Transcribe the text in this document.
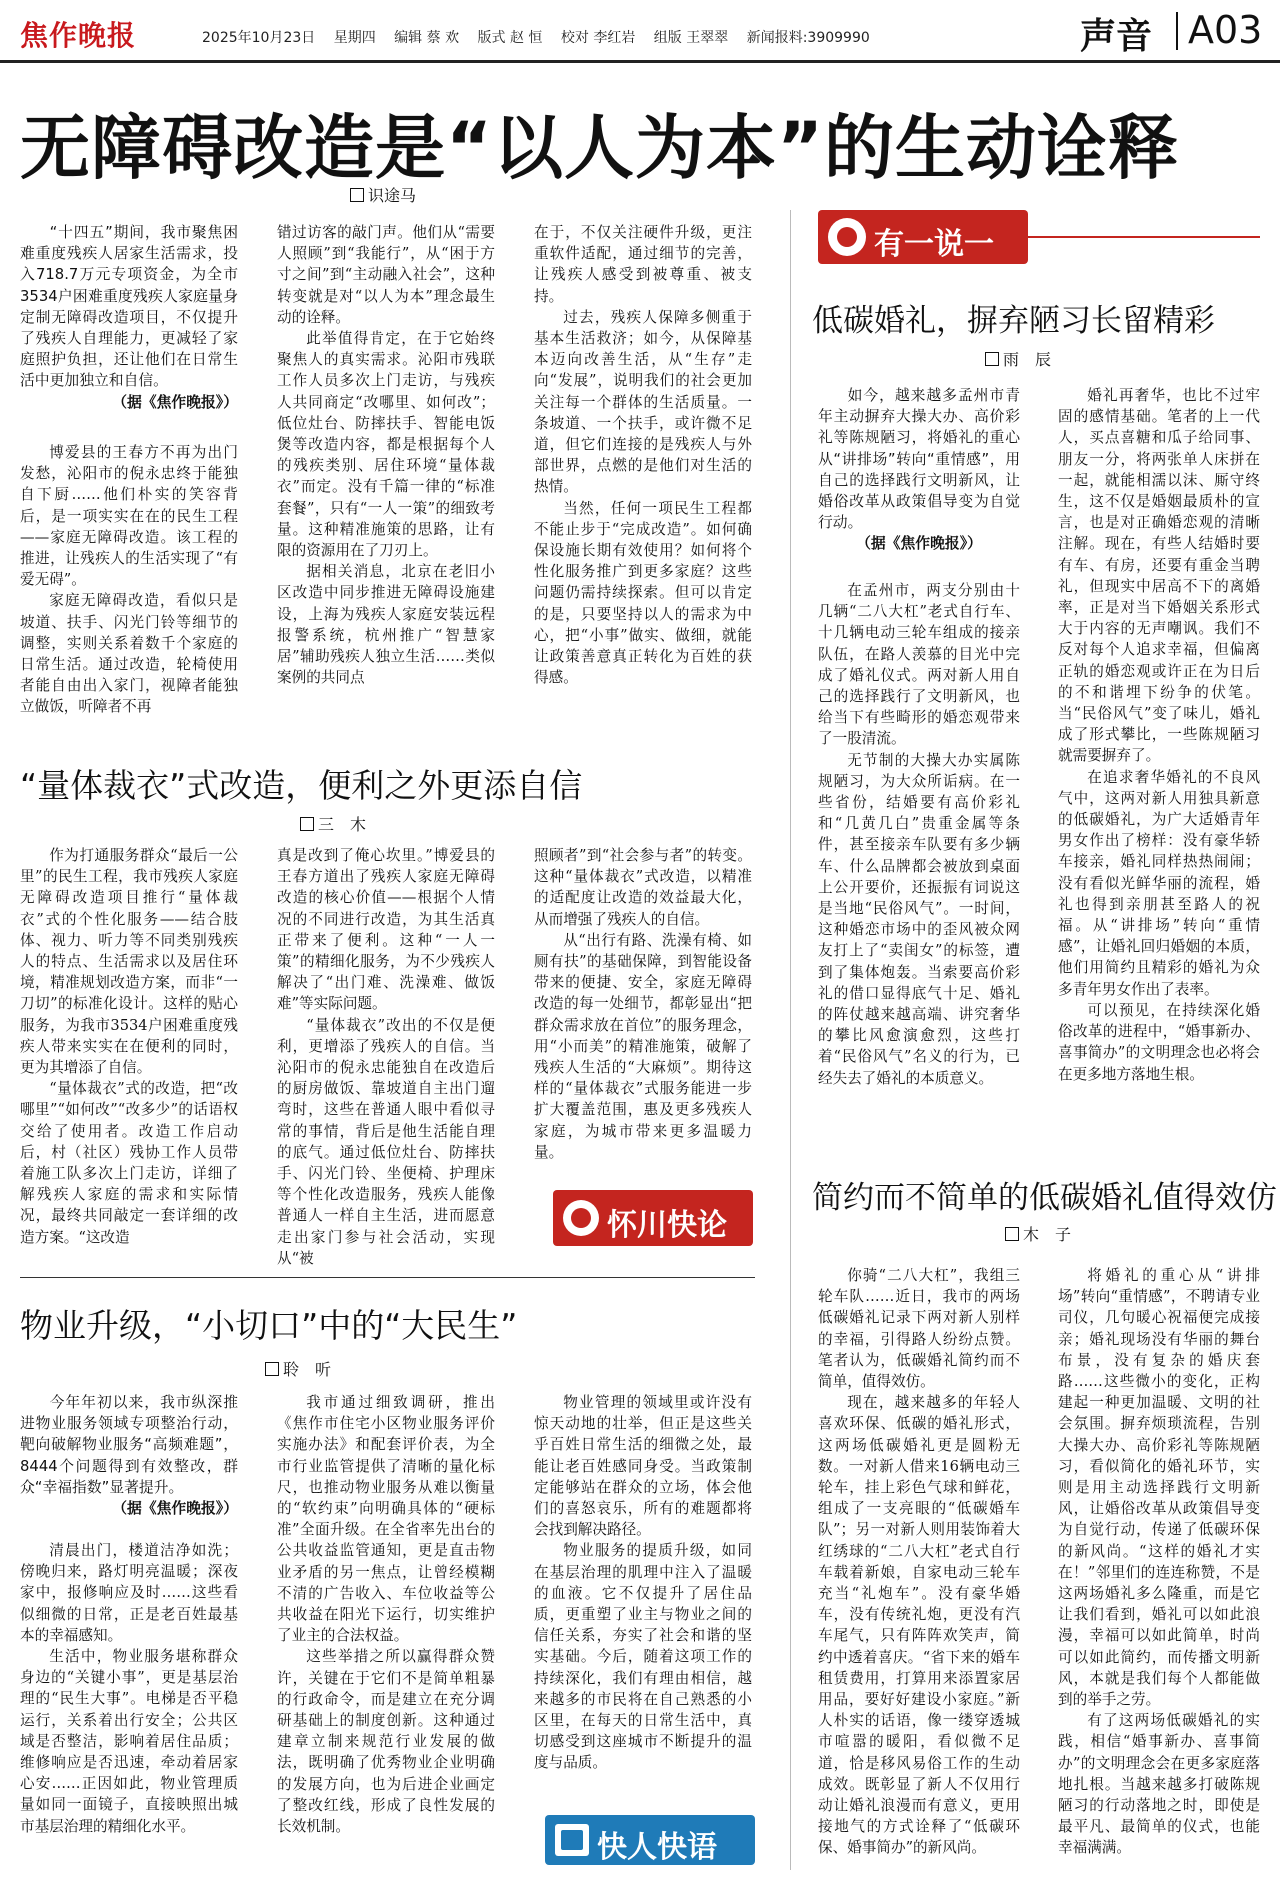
焦作晚报	2025年10月23日 星期四 编辑 蔡 欢 版式 赵 恒 校对 李红岩 组版 王翠翠 新闻报料:3909990	声音 A03
无障碍改造是“以人为本”的生动诠释
识途马

“十四五”期间，我市聚焦困难重度残疾人居家生活需求，投入718.7万元专项资金，为全市3534户困难重度残疾人家庭量身定制无障碍改造项目，不仅提升了残疾人自理能力，更减轻了家庭照护负担，还让他们在日常生活中更加独立和自信。

（据《焦作晚报》）

博爱县的王春方不再为出门发愁，沁阳市的倪永忠终于能独自下厨……他们朴实的笑容背后，是一项实实在在的民生工程——家庭无障碍改造。该工程的推进，让残疾人的生活实现了“有爱无碍”。

家庭无障碍改造，看似只是坡道、扶手、闪光门铃等细节的调整，实则关系着数千个家庭的日常生活。通过改造，轮椅使用者能自由出入家门，视障者能独立做饭，听障者不再

错过访客的敲门声。他们从“需要人照顾”到“我能行”，从“困于方寸之间”到“主动融入社会”，这种转变就是对“以人为本”理念最生动的诠释。

此举值得肯定，在于它始终聚焦人的真实需求。沁阳市残联工作人员多次上门走访，与残疾人共同商定“改哪里、如何改”；低位灶台、防摔扶手、智能电饭煲等改造内容，都是根据每个人的残疾类别、居住环境“量体裁衣”而定。没有千篇一律的“标准套餐”，只有“一人一策”的细致考量。这种精准施策的思路，让有限的资源用在了刀刃上。

据相关消息，北京在老旧小区改造中同步推进无障碍设施建设，上海为残疾人家庭安装远程报警系统，杭州推广“智慧家居”辅助残疾人独立生活……类似案例的共同点

在于，不仅关注硬件升级，更注重软件适配，通过细节的完善，让残疾人感受到被尊重、被支持。

过去，残疾人保障多侧重于基本生活救济；如今，从保障基本迈向改善生活，从“生存”走向“发展”，说明我们的社会更加关注每一个群体的生活质量。一条坡道、一个扶手，或许微不足道，但它们连接的是残疾人与外部世界，点燃的是他们对生活的热情。

当然，任何一项民生工程都不能止步于“完成改造”。如何确保设施长期有效使用？如何将个性化服务推广到更多家庭？这些问题仍需持续探索。但可以肯定的是，只要坚持以人的需求为中心，把“小事”做实、做细，就能让政策善意真正转化为百姓的获得感。

“量体裁衣”式改造，便利之外更添自信
三　木

作为打通服务群众“最后一公里”的民生工程，我市残疾人家庭无障碍改造项目推行“量体裁衣”式的个性化服务——结合肢体、视力、听力等不同类别残疾人的特点、生活需求以及居住环境，精准规划改造方案，而非“一刀切”的标准化设计。这样的贴心服务，为我市3534户困难重度残疾人带来实实在在便利的同时，更为其增添了自信。

“量体裁衣”式的改造，把“改哪里”“如何改”“改多少”的话语权交给了使用者。改造工作启动后，村（社区）残协工作人员带着施工队多次上门走访，详细了解残疾人家庭的需求和实际情况，最终共同敲定一套详细的改造方案。“这改造

真是改到了俺心坎里。”博爱县的王春方道出了残疾人家庭无障碍改造的核心价值——根据个人情况的不同进行改造，为其生活真正带来了便利。这种“一人一策”的精细化服务，为不少残疾人解决了“出门难、洗澡难、做饭难”等实际问题。

“量体裁衣”改出的不仅是便利，更增添了残疾人的自信。当沁阳市的倪永忠能独自在改造后的厨房做饭、靠坡道自主出门遛弯时，这些在普通人眼中看似寻常的事情，背后是他生活能自理的底气。通过低位灶台、防摔扶手、闪光门铃、坐便椅、护理床等个性化改造服务，残疾人能像普通人一样自主生活，进而愿意走出家门参与社会活动，实现从“被

照顾者”到“社会参与者”的转变。这种“量体裁衣”式改造，以精准的适配度让改造的效益最大化，从而增强了残疾人的自信。

从“出行有路、洗澡有椅、如厕有扶”的基础保障，到智能设备带来的便捷、安全，家庭无障碍改造的每一处细节，都彰显出“把群众需求放在首位”的服务理念，用“小而美”的精准施策，破解了残疾人生活的“大麻烦”。期待这样的“量体裁衣”式服务能进一步扩大覆盖范围，惠及更多残疾人家庭，为城市带来更多温暖力量。

怀川快论
物业升级，“小切口”中的“大民生”
聆　听

今年年初以来，我市纵深推进物业服务领域专项整治行动，靶向破解物业服务“高频难题”，8444个问题得到有效整改，群众“幸福指数”显著提升。

（据《焦作晚报》）

清晨出门，楼道洁净如洗；傍晚归来，路灯明亮温暖；深夜家中，报修响应及时……这些看似细微的日常，正是老百姓最基本的幸福感知。

生活中，物业服务堪称群众身边的“关键小事”，更是基层治理的“民生大事”。电梯是否平稳运行，关系着出行安全；公共区域是否整洁，影响着居住品质；维修响应是否迅速，牵动着居家心安……正因如此，物业管理质量如同一面镜子，直接映照出城市基层治理的精细化水平。

我市通过细致调研，推出《焦作市住宅小区物业服务评价实施办法》和配套评价表，为全市行业监管提供了清晰的量化标尺，也推动物业服务从难以衡量的“软约束”向明确具体的“硬标准”全面升级。在全省率先出台的公共收益监管通知，更是直击物业矛盾的另一焦点，让曾经模糊不清的广告收入、车位收益等公共收益在阳光下运行，切实维护了业主的合法权益。

这些举措之所以赢得群众赞许，关键在于它们不是简单粗暴的行政命令，而是建立在充分调研基础上的制度创新。这种通过建章立制来规范行业发展的做法，既明确了优秀物业企业明确的发展方向，也为后进企业画定了整改红线，形成了良性发展的长效机制。

物业管理的领域里或许没有惊天动地的壮举，但正是这些关乎百姓日常生活的细微之处，最能让老百姓感同身受。当政策制定能够站在群众的立场，体会他们的喜怒哀乐，所有的难题都将会找到解决路径。

物业服务的提质升级，如同在基层治理的肌理中注入了温暖的血液。它不仅提升了居住品质，更重塑了业主与物业之间的信任关系，夯实了社会和谐的坚实基础。今后，随着这项工作的持续深化，我们有理由相信，越来越多的市民将在自己熟悉的小区里，在每天的日常生活中，真切感受到这座城市不断提升的温度与品质。

快人快语
有一说一
低碳婚礼，摒弃陋习长留精彩
雨　辰

如今，越来越多孟州市青年主动摒弃大操大办、高价彩礼等陈规陋习，将婚礼的重心从“讲排场”转向“重情感”，用自己的选择践行文明新风，让婚俗改革从政策倡导变为自觉行动。

（据《焦作晚报》）

在孟州市，两支分别由十几辆“二八大杠”老式自行车、十几辆电动三轮车组成的接亲队伍，在路人羡慕的目光中完成了婚礼仪式。两对新人用自己的选择践行了文明新风，也给当下有些畸形的婚恋观带来了一股清流。

无节制的大操大办实属陈规陋习，为大众所诟病。在一些省份，结婚要有高价彩礼和“几黄几白”贵重金属等条件，甚至接亲车队要有多少辆车、什么品牌都会被放到桌面上公开要价，还振振有词说这是当地“民俗风气”。一时间，这种婚恋市场中的歪风被众网友打上了“卖闺女”的标签，遭到了集体炮轰。当索要高价彩礼的借口显得底气十足、婚礼的阵仗越来越高端、讲究奢华的攀比风愈演愈烈，这些打着“民俗风气”名义的行为，已经失去了婚礼的本质意义。

婚礼再奢华，也比不过牢固的感情基础。笔者的上一代人，买点喜糖和瓜子给同事、朋友一分，将两张单人床拼在一起，就能相濡以沫、厮守终生，这不仅是婚姻最质朴的宣言，也是对正确婚恋观的清晰注解。现在，有些人结婚时要有车、有房，还要有重金当聘礼，但现实中居高不下的离婚率，正是对当下婚姻关系形式大于内容的无声嘲讽。我们不反对每个人追求幸福，但偏离正轨的婚恋观或许正在为日后的不和谐埋下纷争的伏笔。当“民俗风气”变了味儿，婚礼成了形式攀比，一些陈规陋习就需要摒弃了。

在追求奢华婚礼的不良风气中，这两对新人用独具新意的低碳婚礼，为广大适婚青年男女作出了榜样：没有豪华轿车接亲，婚礼同样热热闹闹；没有看似光鲜华丽的流程，婚礼也得到亲朋甚至路人的祝福。从“讲排场”转向“重情感”，让婚礼回归婚姻的本质，他们用简约且精彩的婚礼为众多青年男女作出了表率。

可以预见，在持续深化婚俗改革的进程中，“婚事新办、喜事简办”的文明理念也必将会在更多地方落地生根。

简约而不简单的低碳婚礼值得效仿
木　子

你骑“二八大杠”，我组三轮车队……近日，我市的两场低碳婚礼记录下两对新人别样的幸福，引得路人纷纷点赞。笔者认为，低碳婚礼简约而不简单，值得效仿。

现在，越来越多的年轻人喜欢环保、低碳的婚礼形式，这两场低碳婚礼更是圆粉无数。一对新人借来16辆电动三轮车，挂上彩色气球和鲜花，组成了一支亮眼的“低碳婚车队”；另一对新人则用装饰着大红绣球的“二八大杠”老式自行车载着新娘，自家电动三轮车充当“礼炮车”。没有豪华婚车，没有传统礼炮，更没有汽车尾气，只有阵阵欢笑声，简约中透着喜庆。“省下来的婚车租赁费用，打算用来添置家居用品，要好好建设小家庭。”新人朴实的话语，像一缕穿透城市喧嚣的暖阳，看似微不足道，恰是移风易俗工作的生动成效。既彰显了新人不仅用行动让婚礼浪漫而有意义，更用接地气的方式诠释了“低碳环保、婚事简办”的新风尚。

将婚礼的重心从“讲排场”转向“重情感”，不聘请专业司仪，几句暖心祝福便完成接亲；婚礼现场没有华丽的舞台布景，没有复杂的婚庆套路……这些微小的变化，正构建起一种更加温暖、文明的社会氛围。摒弃烦琐流程，告别大操大办、高价彩礼等陈规陋习，看似简化的婚礼环节，实则是用主动选择践行文明新风，让婚俗改革从政策倡导变为自觉行动，传递了低碳环保的新风尚。“这样的婚礼才实在！”邻里们的连连称赞，不是这两场婚礼多么隆重，而是它让我们看到，婚礼可以如此浪漫，幸福可以如此简单，时尚可以如此简约，而传播文明新风，本就是我们每个人都能做到的举手之劳。

有了这两场低碳婚礼的实践，相信“婚事新办、喜事简办”的文明理念会在更多家庭落地扎根。当越来越多打破陈规陋习的行动落地之时，即使是最平凡、最简单的仪式，也能幸福满满。
